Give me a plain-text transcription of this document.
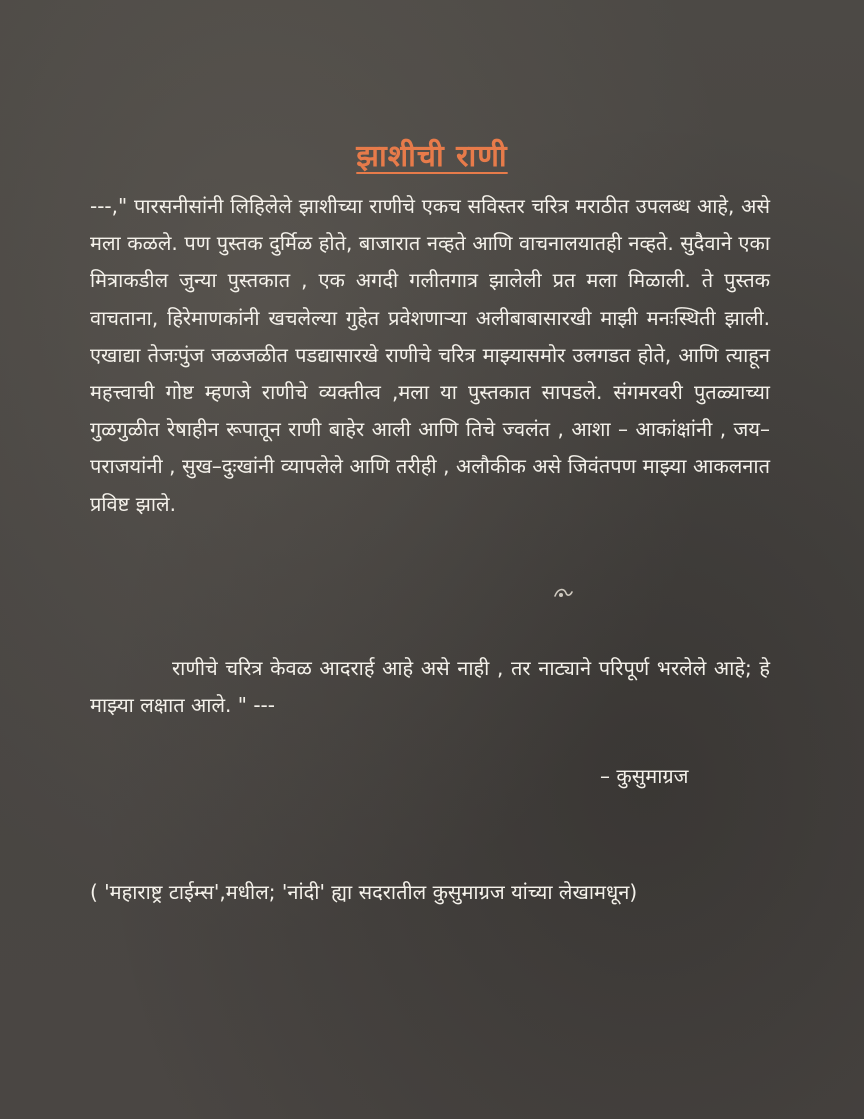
झाशीची राणी

---," पारसनीसांनी लिहिलेले झाशीच्या राणीचे एकच सविस्तर चरित्र मराठीत उपलब्ध आहे, असे मला कळले. पण पुस्तक दुर्मिळ होते, बाजारात नव्हते आणि वाचनालयातही नव्हते. सुदैवाने एका मित्राकडील जुन्या पुस्तकात , एक अगदी गलीतगात्र झालेली प्रत मला मिळाली. ते पुस्तक वाचताना, हिरेमाणकांनी खचलेल्या गुहेत प्रवेशणाऱ्या अलीबाबासारखी माझी मनःस्थिती झाली. एखाद्या तेजःपुंज जळजळीत पडद्यासारखे राणीचे चरित्र माझ्यासमोर उलगडत होते, आणि त्याहून महत्त्वाची गोष्ट म्हणजे राणीचे व्यक्तीत्व ,मला या पुस्तकात सापडले. संगमरवरी पुतळ्याच्या गुळगुळीत रेषाहीन रूपातून राणी बाहेर आली आणि तिचे ज्वलंत , आशा – आकांक्षांनी , जय– पराजयांनी , सुख–दुःखांनी व्यापलेले आणि तरीही , अलौकीक असे जिवंतपण माझ्या आकलनात प्रविष्ट झाले.

राणीचे चरित्र केवळ आदरार्ह आहे असे नाही , तर नाट्याने परिपूर्ण भरलेले आहे; हे माझ्या लक्षात आले. " ---

– कुसुमाग्रज
( 'महाराष्ट्र टाईम्स',मधील; 'नांदी' ह्या सदरातील कुसुमाग्रज यांच्या लेखामधून)
